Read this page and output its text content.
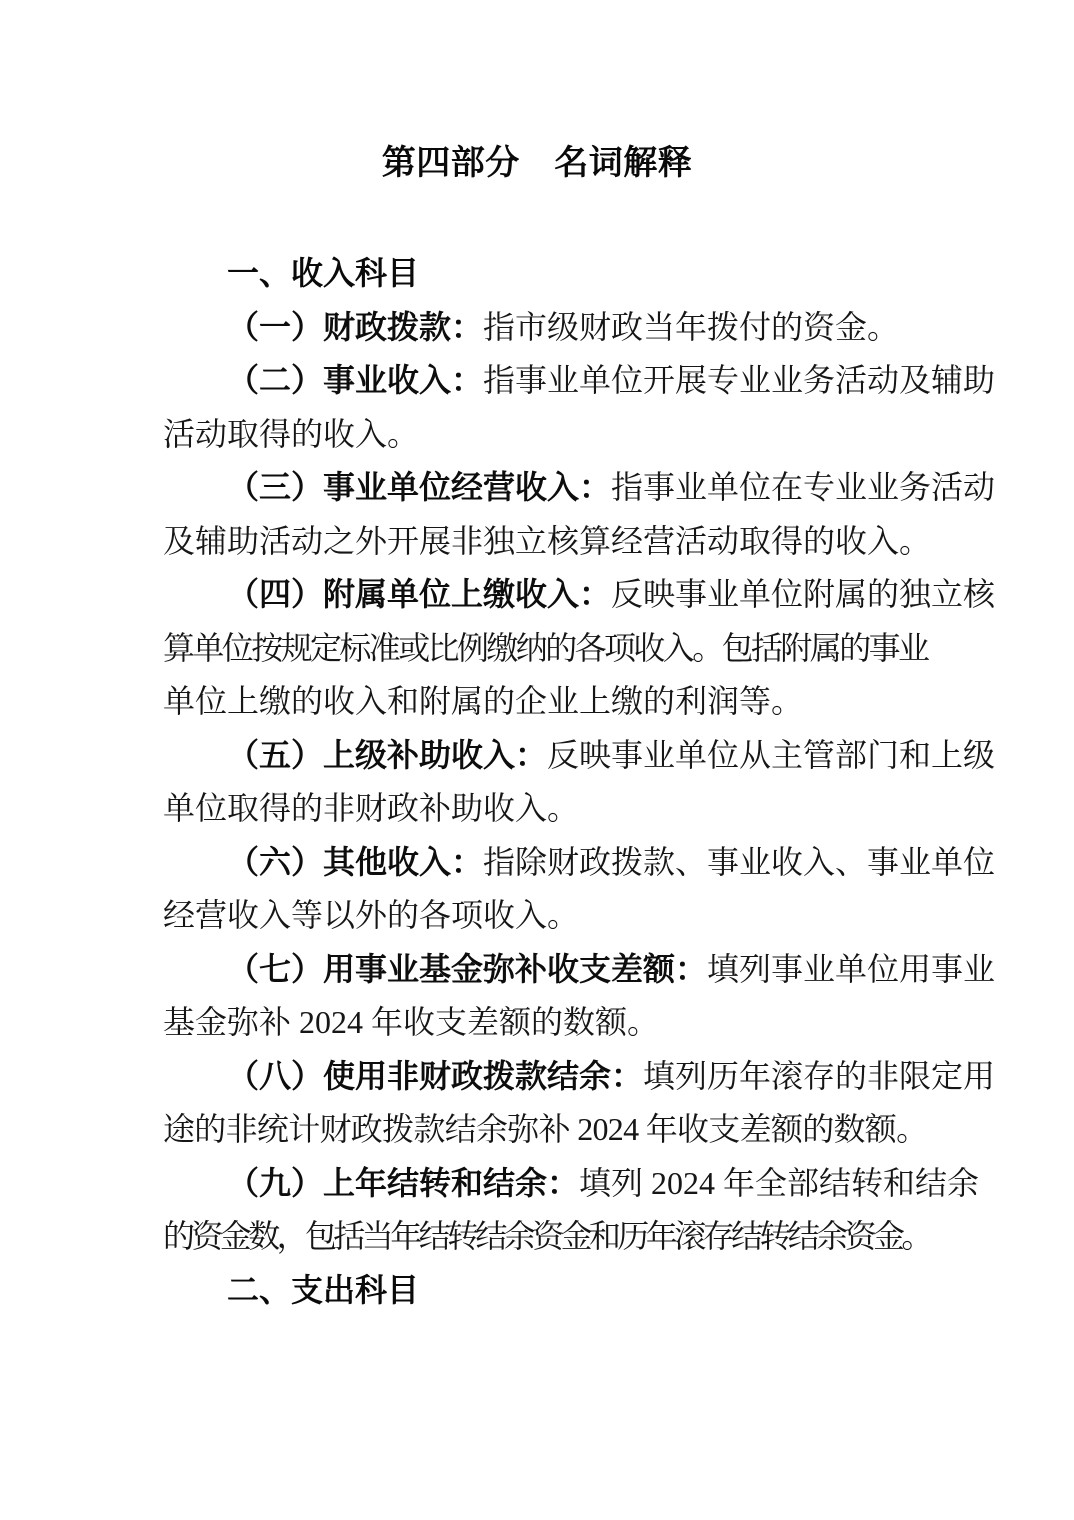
第四部分　名词解释
一、收入科目
（一）财政拨款：指市级财政当年拨付的资金。
（二）事业收入：指事业单位开展专业业务活动及辅助
活动取得的收入。
（三）事业单位经营收入：指事业单位在专业业务活动
及辅助活动之外开展非独立核算经营活动取得的收入。
（四）附属单位上缴收入：反映事业单位附属的独立核
算单位按规定标准或比例缴纳的各项收入。包括附属的事业
单位上缴的收入和附属的企业上缴的利润等。
（五）上级补助收入：反映事业单位从主管部门和上级
单位取得的非财政补助收入。
（六）其他收入：指除财政拨款、事业收入、事业单位
经营收入等以外的各项收入。
（七）用事业基金弥补收支差额：填列事业单位用事业
基金弥补 2024 年收支差额的数额。
（八）使用非财政拨款结余：填列历年滚存的非限定用
途的非统计财政拨款结余弥补 2024 年收支差额的数额。
（九）上年结转和结余：填列 2024 年全部结转和结余
的资金数，包括当年结转结余资金和历年滚存结转结余资金。
二、支出科目
